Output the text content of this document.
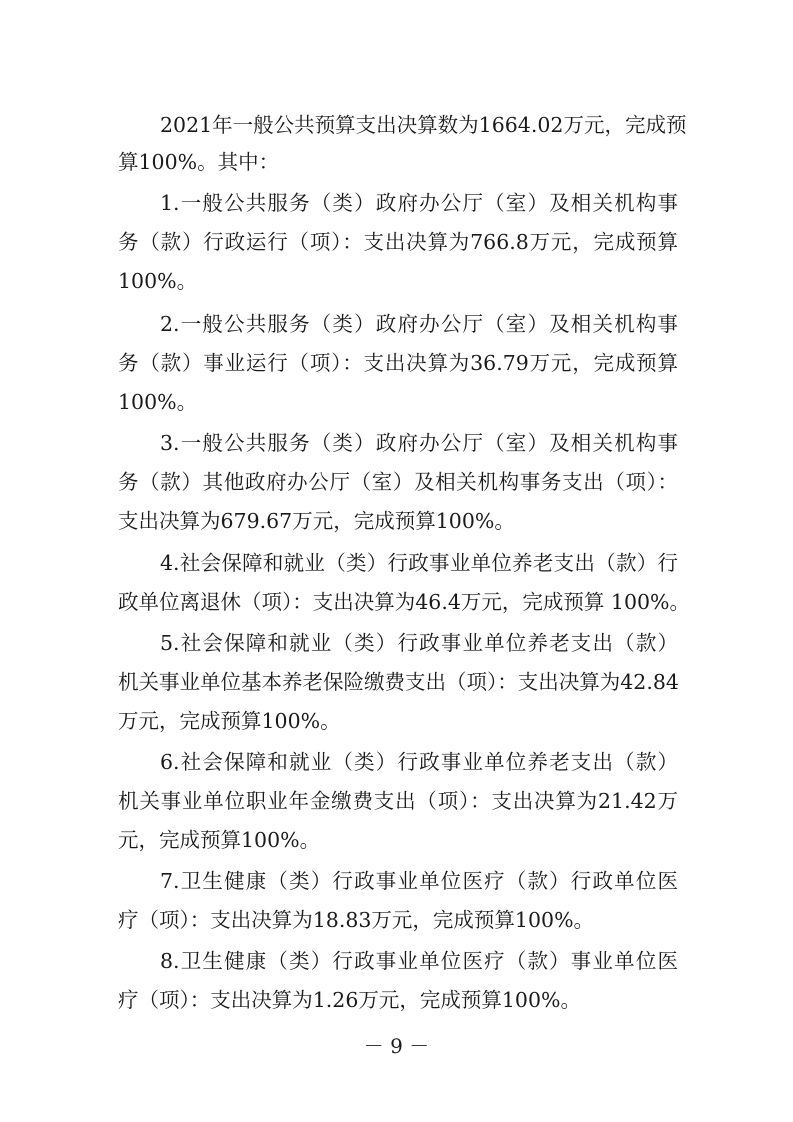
2021年一般公共预算支出决算数为1664.02万元，完成预
算100%。其中：
1.一般公共服务（类）政府办公厅（室）及相关机构事
务（款）行政运行（项）：支出决算为766.8万元，完成预算
100%。
2.一般公共服务（类）政府办公厅（室）及相关机构事
务（款）事业运行（项）：支出决算为36.79万元，完成预算
100%。
3.一般公共服务（类）政府办公厅（室）及相关机构事
务（款）其他政府办公厅（室）及相关机构事务支出（项）：
支出决算为679.67万元，完成预算100%。
4.社会保障和就业（类）行政事业单位养老支出（款）行
政单位离退休（项）：支出决算为46.4万元，完成预算 100%。
5.社会保障和就业（类）行政事业单位养老支出（款）
机关事业单位基本养老保险缴费支出（项）：支出决算为42.84
万元，完成预算100%。
6.社会保障和就业（类）行政事业单位养老支出（款）
机关事业单位职业年金缴费支出（项）：支出决算为21.42万
元，完成预算100%。
7.卫生健康（类）行政事业单位医疗（款）行政单位医
疗（项）：支出决算为18.83万元，完成预算100%。
8.卫生健康（类）行政事业单位医疗（款）事业单位医
疗（项）：支出决算为1.26万元，完成预算100%。
－ 9 －
